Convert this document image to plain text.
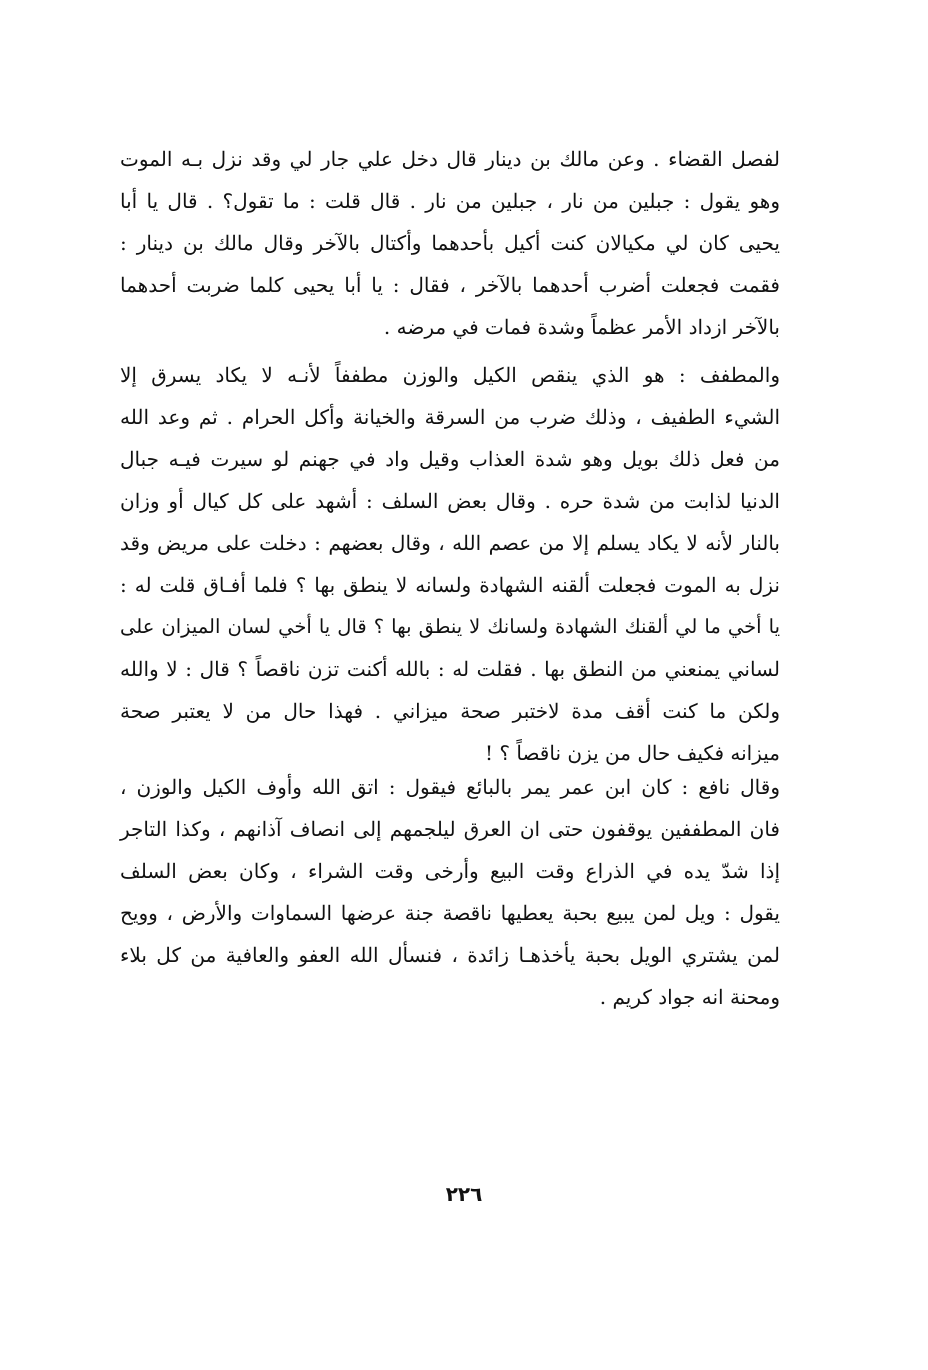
لفصل القضاء . وعن مالك بن دينار قال دخل علي جار لي وقد نزل بـه الموت
وهو يقول : جبلين من نار ، جبلين من نار . قال قلت : ما تقول؟ . قال يا أبا
يحيى كان لي مكيالان كنت أكيل بأحدهما وأكتال بالآخر وقال مالك بن دينار :
فقمت فجعلت أضرب أحدهما بالآخر ، فقال : يا أبا يحيى كلما ضربت أحدهما
بالآخر ازداد الأمر عظماً وشدة فمات في مرضه .
والمطفف : هو الذي ينقص الكيل والوزن مطففاً لأنـه لا يكاد يسرق إلا
الشيء الطفيف ، وذلك ضرب من السرقة والخيانة وأكل الحرام . ثم وعد الله
من فعل ذلك بويل وهو شدة العذاب وقيل واد في جهنم لو سيرت فيـه جبال
الدنيا لذابت من شدة حره . وقال بعض السلف : أشهد على كل كيال أو وزان
بالنار لأنه لا يكاد يسلم إلا من عصم الله ، وقال بعضهم : دخلت على مريض وقد
نزل به الموت فجعلت ألقنه الشهادة ولسانه لا ينطق بها ؟ فلما أفـاق قلت له :
يا أخي ما لي ألقنك الشهادة ولسانك لا ينطق بها ؟ قال يا أخي لسان الميزان على
لساني يمنعني من النطق بها . فقلت له : بالله أكنت تزن ناقصاً ؟ قال : لا والله
ولكن ما كنت أقف مدة لاختبر صحة ميزاني . فهذا حال من لا يعتبر صحة
ميزانه فكيف حال من يزن ناقصاً ؟ !
وقال نافع : كان ابن عمر يمر بالبائع فيقول : اتق الله وأوف الكيل والوزن ،
فان المطففين يوقفون حتى ان العرق ليلجمهم إلى انصاف آذانهم ، وكذا التاجر
إذا شدّ يده في الذراع وقت البيع وأرخى وقت الشراء ، وكان بعض السلف
يقول : ويل لمن يبيع بحبة يعطيها ناقصة جنة عرضها السماوات والأرض ، وويح
لمن يشتري الويل بحبة يأخذهـا زائدة ، فنسأل الله العفو والعافية من كل بلاء
ومحنة انه جواد كريم .
٢٢٦
